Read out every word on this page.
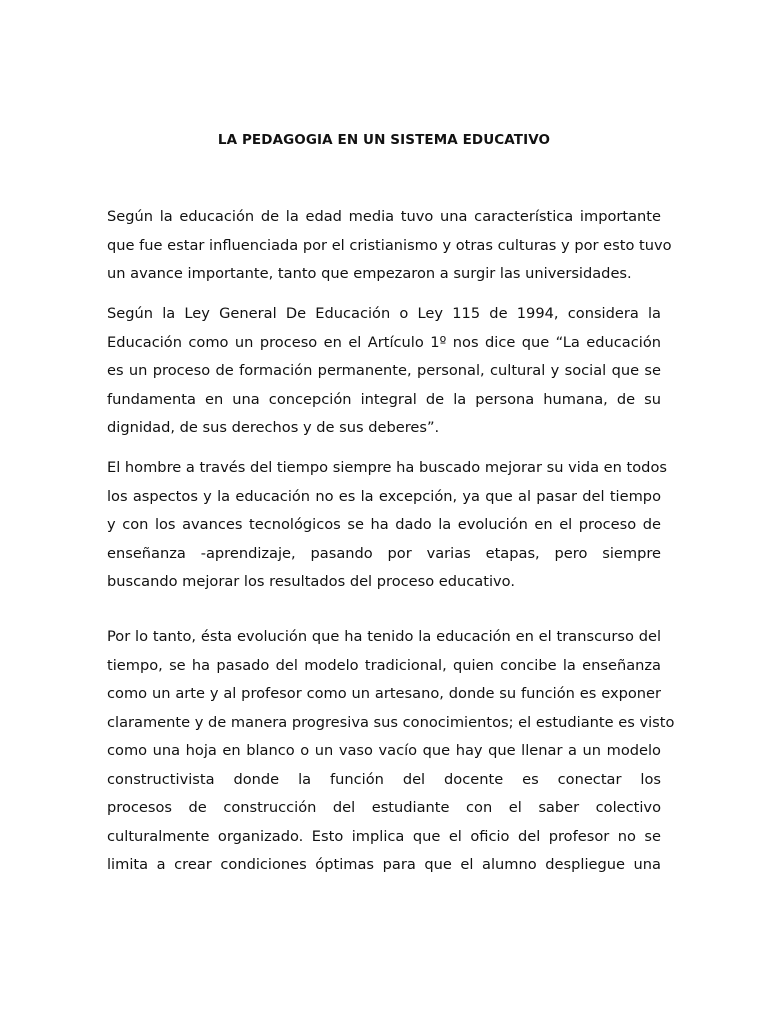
LA PEDAGOGIA EN UN SISTEMA EDUCATIVO
Según la educación de la edad media tuvo una característica importante
que fue estar influenciada por el cristianismo y otras culturas y por esto tuvo
un avance importante, tanto que empezaron a surgir las universidades.
Según la Ley General De Educación o Ley 115 de 1994, considera la
Educación como un proceso en el Artículo 1º nos dice que “La educación
es un proceso de formación permanente, personal, cultural y social que se
fundamenta en una concepción integral de la persona humana, de su
dignidad, de sus derechos y de sus deberes”.
El hombre a través del tiempo siempre ha buscado mejorar su vida en todos
los aspectos y la educación no es la excepción, ya que al pasar del tiempo
y con los avances tecnológicos se ha dado la evolución en el proceso de
enseñanza -aprendizaje, pasando por varias etapas, pero siempre
buscando mejorar los resultados del proceso educativo.
Por lo tanto, ésta evolución que ha tenido la educación en el transcurso del
tiempo, se ha pasado del modelo tradicional, quien concibe la enseñanza
como un arte y al profesor como un artesano, donde su función es exponer
claramente y de manera progresiva sus conocimientos; el estudiante es visto
como una hoja en blanco o un vaso vacío que hay que llenar a un modelo
constructivista donde la función del docente es conectar los
procesos de construcción del estudiante con el saber colectivo
culturalmente organizado. Esto implica que el oficio del profesor no se
limita a crear condiciones óptimas para que el alumno despliegue una
